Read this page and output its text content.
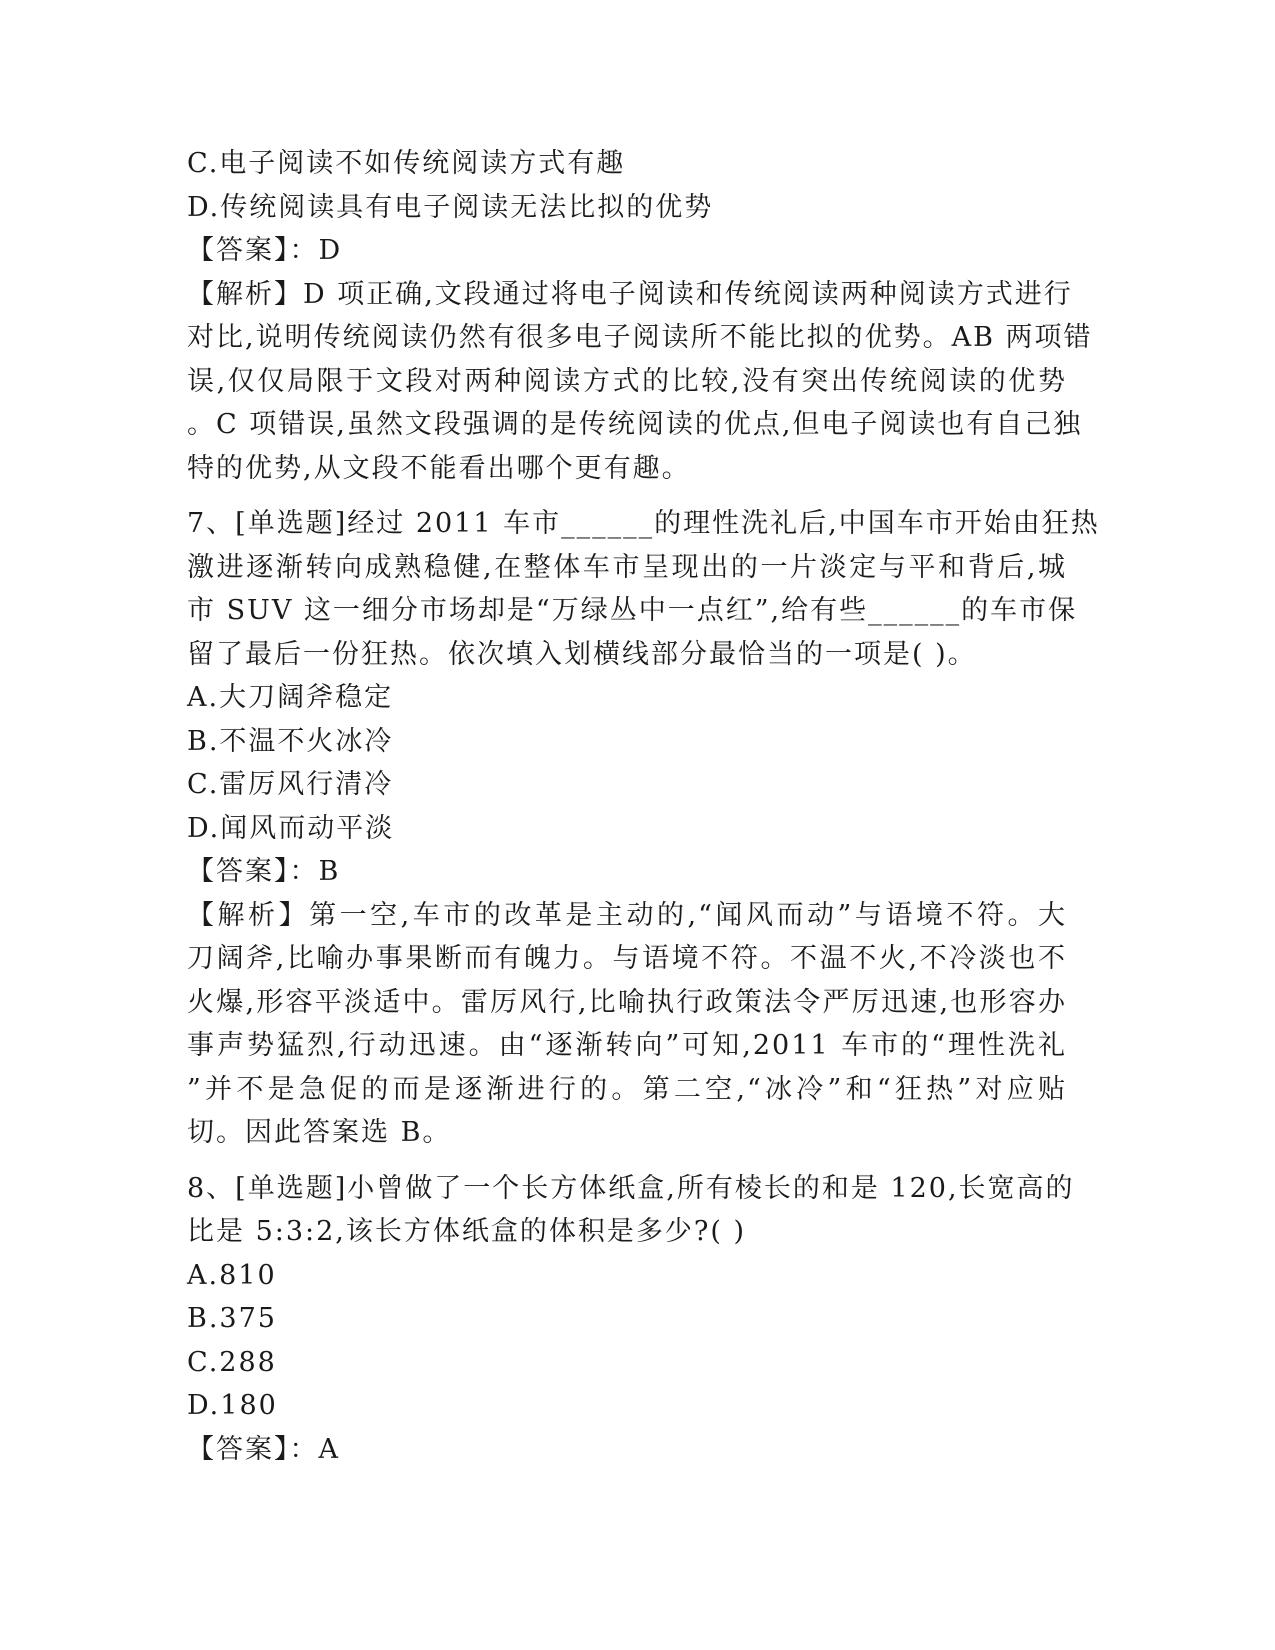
C.电子阅读不如传统阅读方式有趣
D.传统阅读具有电子阅读无法比拟的优势
【答案】：D
【解析】D 项正确,文段通过将电子阅读和传统阅读两种阅读方式进行
对比,说明传统阅读仍然有很多电子阅读所不能比拟的优势。AB 两项错
误,仅仅局限于文段对两种阅读方式的比较,没有突出传统阅读的优势
。C 项错误,虽然文段强调的是传统阅读的优点,但电子阅读也有自己独
特的优势,从文段不能看出哪个更有趣。
7、[单选题]经过 2011 车市______的理性洗礼后,中国车市开始由狂热
激进逐渐转向成熟稳健,在整体车市呈现出的一片淡定与平和背后,城
市 SUV 这一细分市场却是“万绿丛中一点红”,给有些______的车市保
留了最后一份狂热。依次填入划横线部分最恰当的一项是( )。
A.大刀阔斧稳定
B.不温不火冰冷
C.雷厉风行清冷
D.闻风而动平淡
【答案】：B
【解析】第一空,车市的改革是主动的,“闻风而动”与语境不符。大
刀阔斧,比喻办事果断而有魄力。与语境不符。不温不火,不冷淡也不
火爆,形容平淡适中。雷厉风行,比喻执行政策法令严厉迅速,也形容办
事声势猛烈,行动迅速。由“逐渐转向”可知,2011 车市的“理性洗礼
”并不是急促的而是逐渐进行的。第二空,“冰冷”和“狂热”对应贴
切。因此答案选 B。
8、[单选题]小曾做了一个长方体纸盒,所有棱长的和是 120,长宽高的
比是 5:3:2,该长方体纸盒的体积是多少?( )
A.810
B.375
C.288
D.180
【答案】：A
